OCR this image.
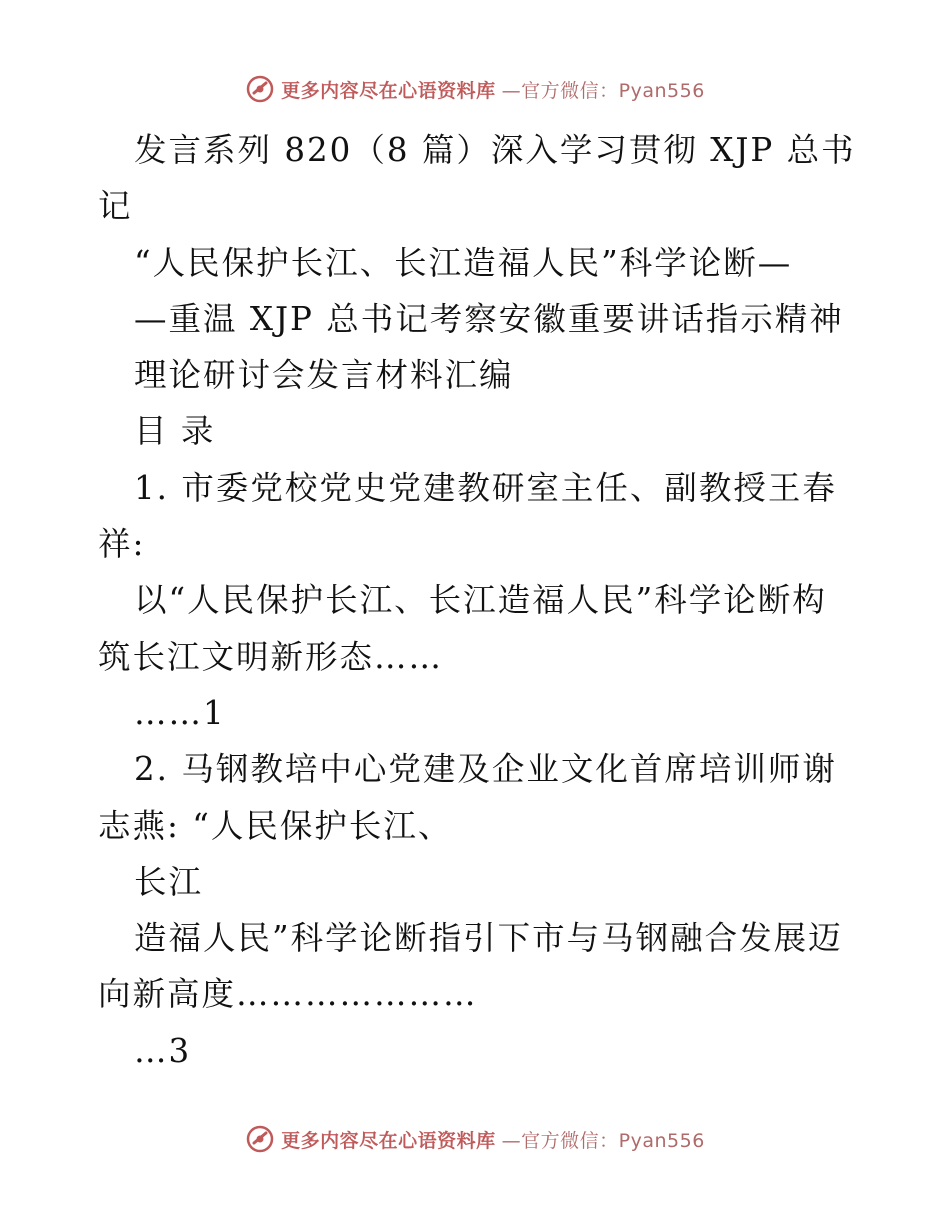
更多内容尽在心语资料库 —官方微信：Pyan556
发言系列 820（8 篇）深入学习贯彻 XJP 总书
记
“人民保护长江、长江造福人民”科学论断—
—重温 XJP 总书记考察安徽重要讲话指示精神
理论研讨会发言材料汇编
目 录
1. 市委党校党史党建教研室主任、副教授王春
祥:
以“人民保护长江、长江造福人民”科学论断构
筑长江文明新形态……
……1
2. 马钢教培中心党建及企业文化首席培训师谢
志燕: “人民保护长江、
长江
造福人民”科学论断指引下市与马钢融合发展迈
向新高度…………………
…3
更多内容尽在心语资料库 —官方微信：Pyan556
